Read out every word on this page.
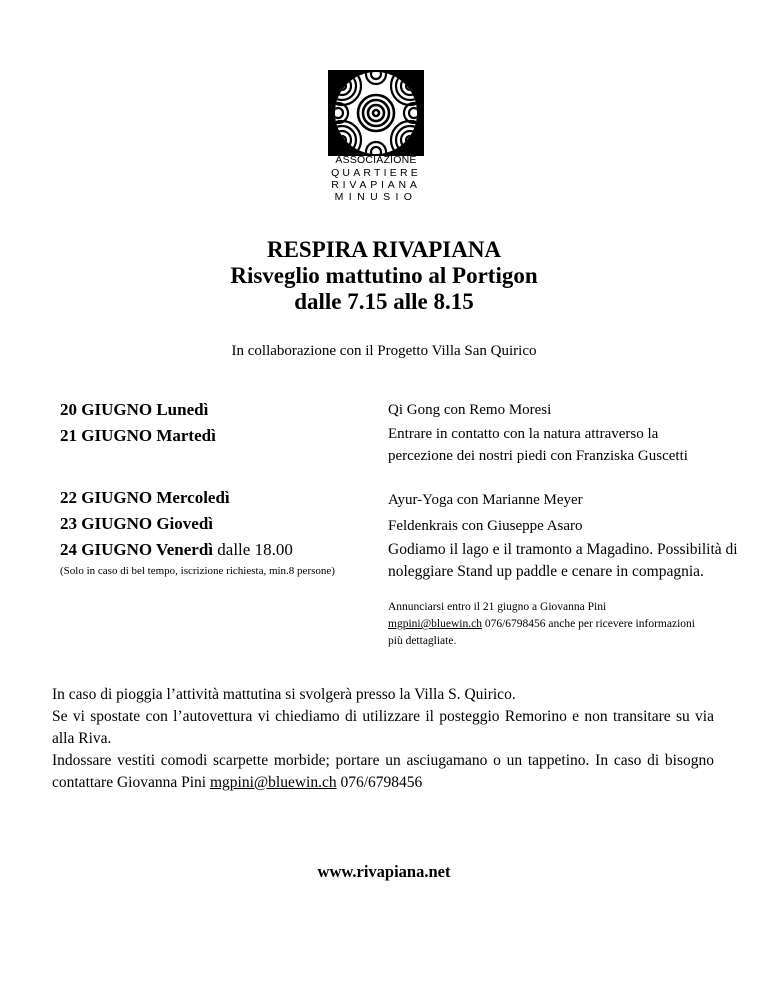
ASSOCIAZIONE
QUARTIERE
RIVAPIANA
MINUSIO
RESPIRA RIVAPIANA
Risveglio mattutino al Portigon
dalle 7.15 alle 8.15
In collaborazione con il Progetto Villa San Quirico
20 GIUGNO Lunedì
21 GIUGNO Martedì
22 GIUGNO Mercoledì
23 GIUGNO Giovedì
24 GIUGNO Venerdì dalle 18.00
(Solo in caso di bel tempo, iscrizione richiesta, min.8 persone)
Qi Gong con Remo Moresi
Entrare in contatto con la natura attraverso la percezione dei nostri piedi con Franziska Guscetti
Ayur-Yoga con Marianne Meyer
Feldenkrais con Giuseppe Asaro
Godiamo il lago e il tramonto a Magadino. Possibilità di noleggiare Stand up paddle e cenare in compagnia.
Annunciarsi entro il 21 giugno a Giovanna Pini
mgpini@bluewin.ch 076/6798456 anche per ricevere informazioni più dettagliate.

In caso di pioggia l’attività mattutina si svolgerà presso la Villa S. Quirico.

Se vi spostate con l’autovettura vi chiediamo di utilizzare il posteggio Remorino e non transitare su via alla Riva.

Indossare vestiti comodi scarpette morbide; portare un asciugamano o un tappetino. In caso di bisogno contattare Giovanna Pini mgpini@bluewin.ch 076/6798456

www.rivapiana.net
